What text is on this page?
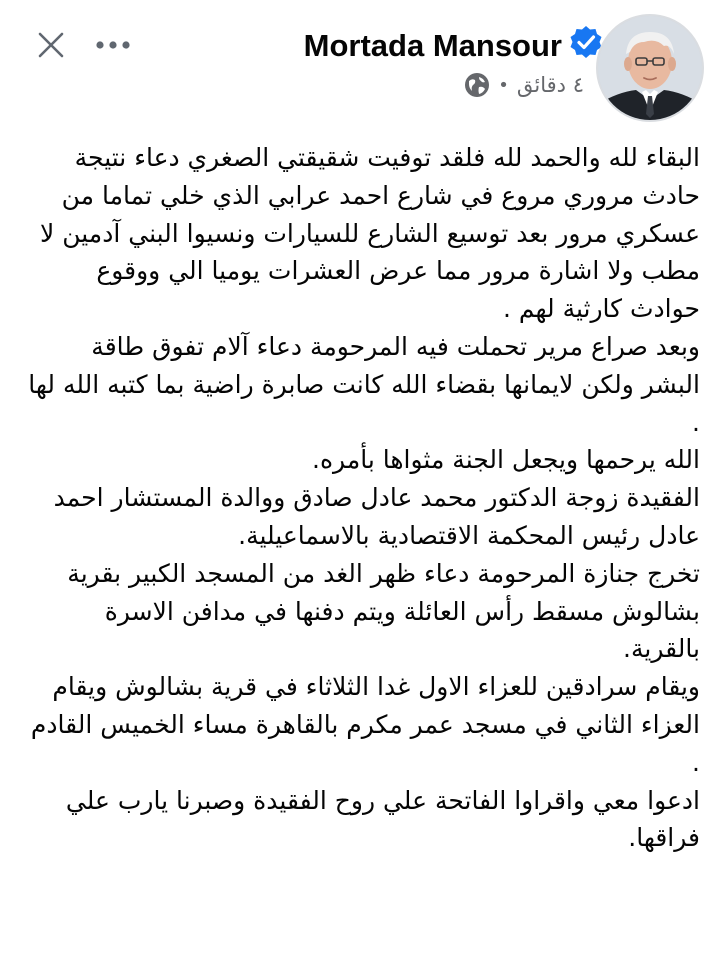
Mortada Mansour
• ٤ دقائق

البقاء لله والحمد لله فلقد توفيت شقيقتي الصغري دعاء نتيجة حادث مروري مروع في شارع احمد عرابي الذي خلي تماما من عسكري مرور بعد توسيع الشارع للسيارات ونسيوا البني آدمين لا مطب ولا اشارة مرور مما عرض العشرات يوميا الي ووقوع حوادث كارثية لهم .

وبعد صراع مرير تحملت فيه المرحومة دعاء آلام تفوق طاقة البشر ولكن لايمانها بقضاء الله كانت صابرة راضية بما كتبه الله لها .

الله يرحمها ويجعل الجنة مثواها بأمره.

الفقيدة زوجة الدكتور محمد عادل صادق ووالدة المستشار احمد عادل رئيس المحكمة الاقتصادية بالاسماعيلية.

تخرج جنازة المرحومة دعاء ظهر الغد من المسجد الكبير بقرية بشالوش مسقط رأس العائلة ويتم دفنها في مدافن الاسرة بالقرية.

ويقام سرادقين للعزاء الاول غدا الثلاثاء في قرية بشالوش ويقام

العزاء الثاني في مسجد عمر مكرم بالقاهرة مساء الخميس القادم .

ادعوا معي واقراوا الفاتحة علي روح الفقيدة وصبرنا يارب علي فراقها.
